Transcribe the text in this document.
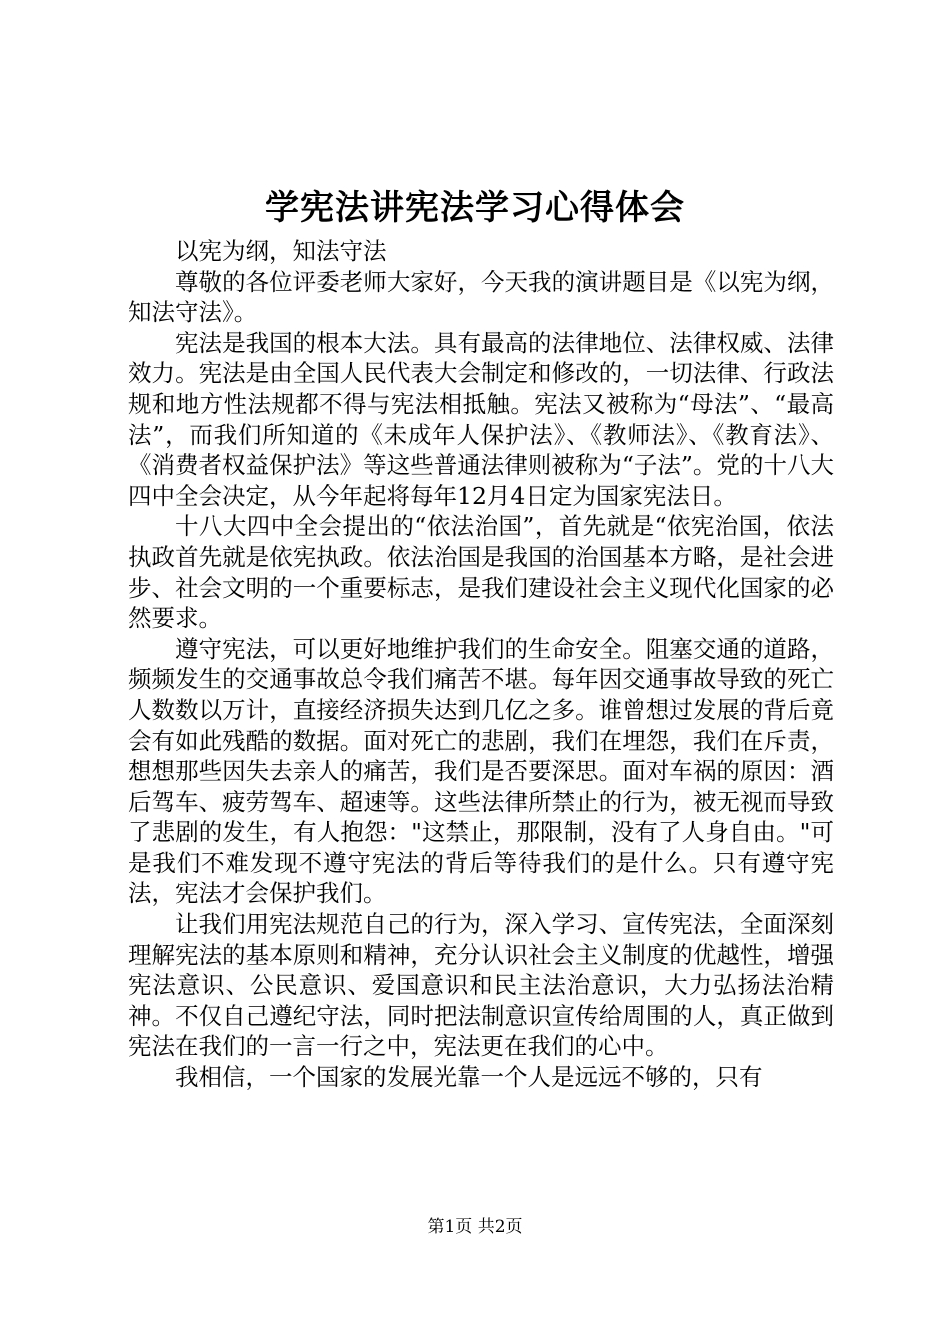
学宪法讲宪法学习心得体会

以宪为纲，知法守法

尊敬的各位评委老师大家好，今天我的演讲题目是《以宪为纲，知法守法》。

宪法是我国的根本大法。具有最高的法律地位、法律权威、法律效力。宪法是由全国人民代表大会制定和修改的，一切法律、行政法规和地方性法规都不得与宪法相抵触。宪法又被称为“母法”、“最高法”，而我们所知道的《未成年人保护法》、《教师法》、《教育法》、《消费者权益保护法》等这些普通法律则被称为“子法”。党的十八大四中全会决定，从今年起将每年12月4日定为国家宪法日。

十八大四中全会提出的“依法治国”，首先就是“依宪治国，依法执政首先就是依宪执政。依法治国是我国的治国基本方略，是社会进步、社会文明的一个重要标志，是我们建设社会主义现代化国家的必然要求。

遵守宪法，可以更好地维护我们的生命安全。阻塞交通的道路，频频发生的交通事故总令我们痛苦不堪。每年因交通事故导致的死亡人数数以万计，直接经济损失达到几亿之多。谁曾想过发展的背后竟会有如此残酷的数据。面对死亡的悲剧，我们在埋怨，我们在斥责，想想那些因失去亲人的痛苦，我们是否要深思。面对车祸的原因：酒后驾车、疲劳驾车、超速等。这些法律所禁止的行为，被无视而导致了悲剧的发生，有人抱怨："这禁止，那限制，没有了人身自由。"可是我们不难发现不遵守宪法的背后等待我们的是什么。只有遵守宪法，宪法才会保护我们。

让我们用宪法规范自己的行为，深入学习、宣传宪法，全面深刻理解宪法的基本原则和精神，充分认识社会主义制度的优越性，增强宪法意识、公民意识、爱国意识和民主法治意识，大力弘扬法治精神。不仅自己遵纪守法，同时把法制意识宣传给周围的人，真正做到宪法在我们的一言一行之中，宪法更在我们的心中。

我相信，一个国家的发展光靠一个人是远远不够的，只有

第1页 共2页
